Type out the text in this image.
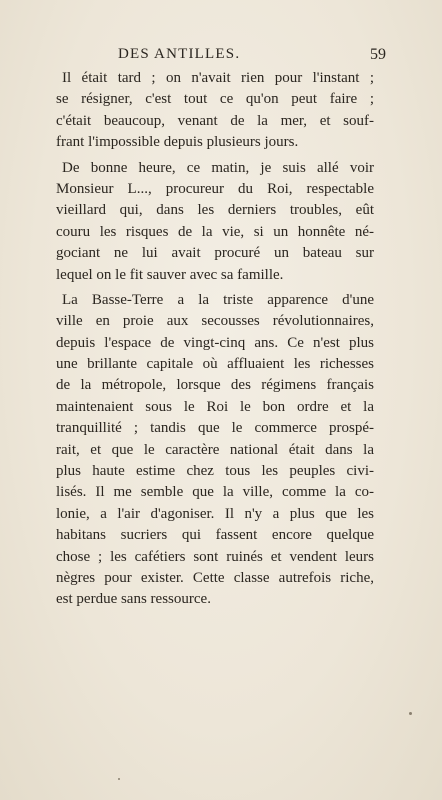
DES ANTILLES.	59
Il était tard ; on n'avait rien pour l'instant ;
se résigner, c'est tout ce qu'on peut faire ;
c'était beaucoup, venant de la mer, et souf-
frant l'impossible depuis plusieurs jours.
De bonne heure, ce matin, je suis allé voir
Monsieur L..., procureur du Roi, respectable
vieillard qui, dans les derniers troubles, eût
couru les risques de la vie, si un honnête né-
gociant ne lui avait procuré un bateau sur
lequel on le fit sauver avec sa famille.
La Basse-Terre a la triste apparence d'une
ville en proie aux secousses révolutionnaires,
depuis l'espace de vingt-cinq ans. Ce n'est plus
une brillante capitale où affluaient les richesses
de la métropole, lorsque des régimens français
maintenaient sous le Roi le bon ordre et la
tranquillité ; tandis que le commerce prospé-
rait, et que le caractère national était dans la
plus haute estime chez tous les peuples civi-
lisés. Il me semble que la ville, comme la co-
lonie, a l'air d'agoniser. Il n'y a plus que les
habitans sucriers qui fassent encore quelque
chose ; les cafétiers sont ruinés et vendent leurs
nègres pour exister. Cette classe autrefois riche,
est perdue sans ressource.
